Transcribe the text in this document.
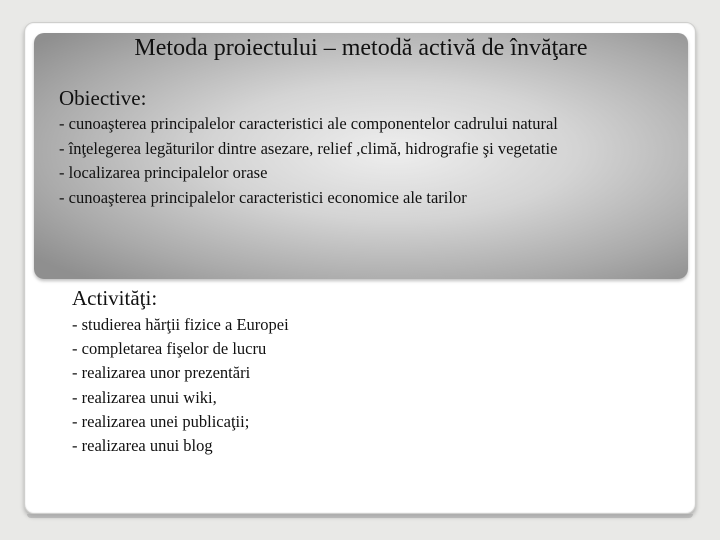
Metoda proiectului – metodă activă de învăţare
Obiective:
- cunoaşterea principalelor caracteristici ale componentelor cadrului natural
- înţelegerea legăturilor dintre asezare, relief ,climă, hidrografie şi vegetatie
- localizarea principalelor orase
- cunoaşterea principalelor caracteristici economice ale tarilor
Activităţi:
- studierea hărţii fizice a Europei
- completarea fişelor de lucru
- realizarea unor prezentări
- realizarea unui wiki,
- realizarea unei publicaţii;
- realizarea unui blog
